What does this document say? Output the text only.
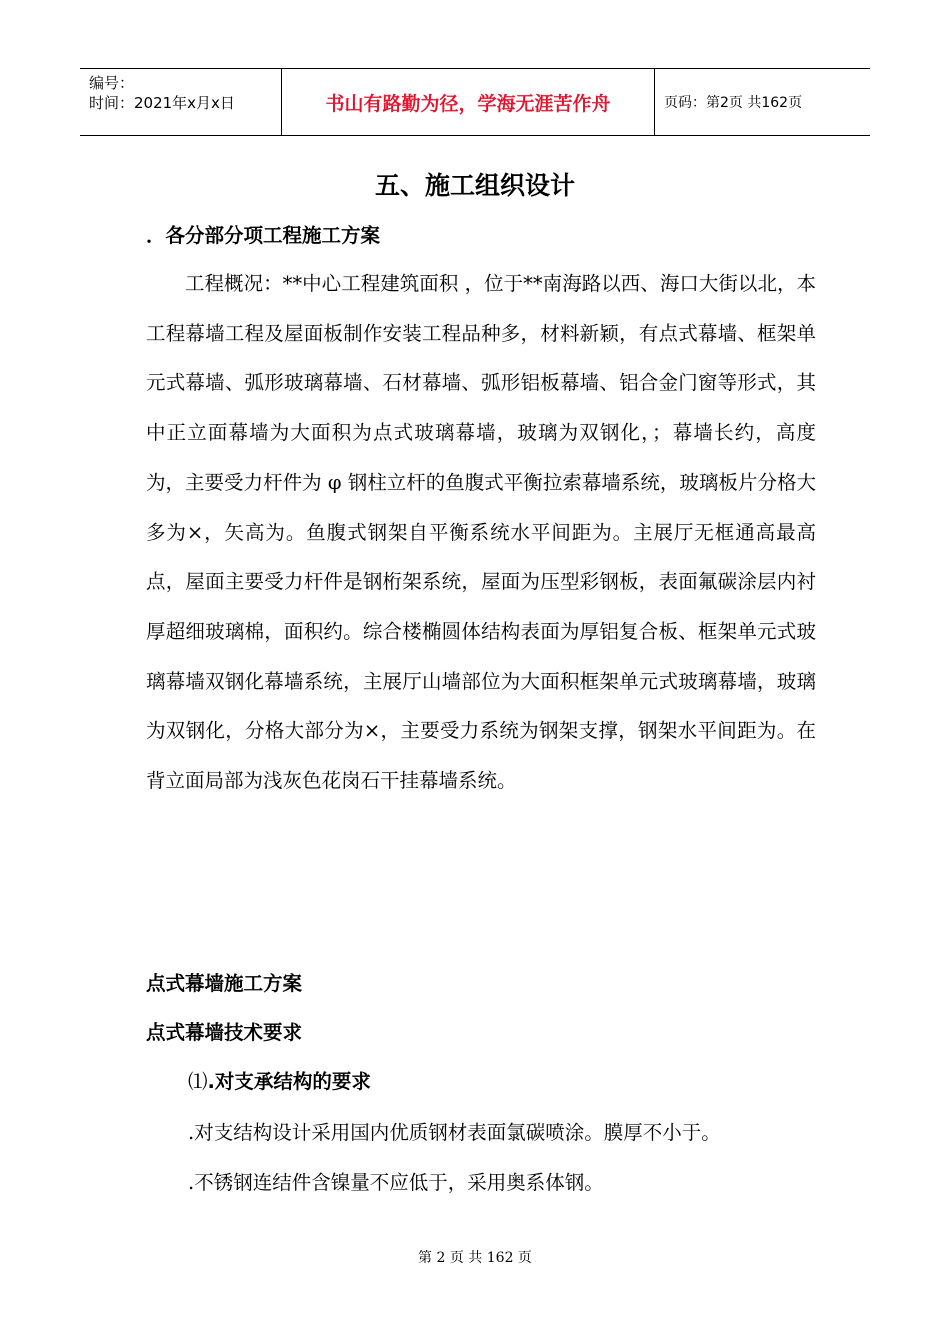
编号：
时间：2021年x月x日	书山有路勤为径，学海无涯苦作舟	页码：第2页 共162页
五、施工组织设计
．各分部分项工程施工方案

工程概况：**中心工程建筑面积 ，位于**南海路以西、海口大街以北，本工程幕墙工程及屋面板制作安装工程品种多，材料新颖，有点式幕墙、框架单元式幕墙、弧形玻璃幕墙、石材幕墙、弧形铝板幕墙、铝合金门窗等形式，其中正立面幕墙为大面积为点式玻璃幕墙，玻璃为双钢化，；幕墙长约，高度为，主要受力杆件为 φ 钢柱立杆的鱼腹式平衡拉索幕墙系统，玻璃板片分格大多为×，矢高为。鱼腹式钢架自平衡系统水平间距为。主展厅无框通高最高点，屋面主要受力杆件是钢桁架系统，屋面为压型彩钢板，表面氟碳涂层内衬厚超细玻璃棉，面积约。综合楼椭圆体结构表面为厚铝复合板、框架单元式玻璃幕墙双钢化幕墙系统，主展厅山墙部位为大面积框架单元式玻璃幕墙，玻璃为双钢化，分格大部分为×，主要受力系统为钢架支撑，钢架水平间距为。在背立面局部为浅灰色花岗石干挂幕墙系统。

点式幕墙施工方案
点式幕墙技术要求
⑴.对支承结构的要求
.对支结构设计采用国内优质钢材表面氯碳喷涂。膜厚不小于。
.不锈钢连结件含镍量不应低于，采用奥系体钢。
第 2 页 共 162 页
